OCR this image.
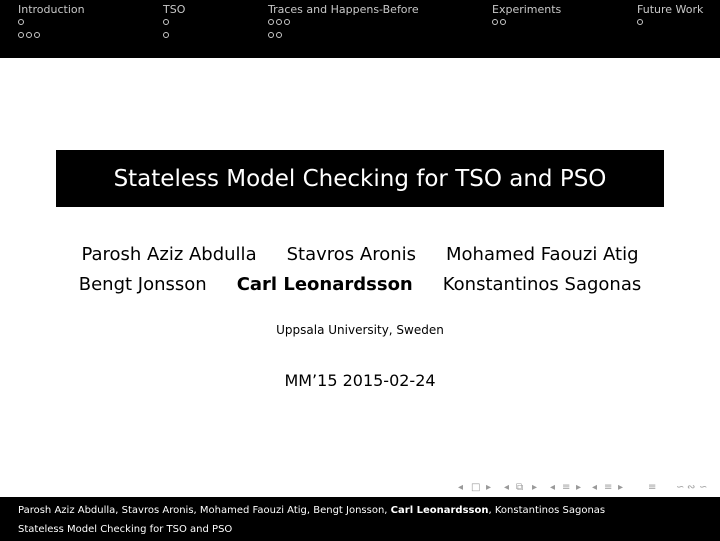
Introduction	TSO	Traces and Happens-Before	Experiments	Future Work
Stateless Model Checking for TSO and PSO
Parosh Aziz Abdulla Stavros Aronis Mohamed Faouzi Atig
Bengt Jonsson Carl Leonardsson Konstantinos Sagonas
Uppsala University, Sweden
MM’15 2015-02-24
◂ □ ▸ ◂ ⧉ ▸ ◂ ≡ ▸ ◂ ≡ ▸ ≡ ∽ ∾ ∽
Parosh Aziz Abdulla, Stavros Aronis, Mohamed Faouzi Atig, Bengt Jonsson, Carl Leonardsson, Konstantinos Sagonas
Stateless Model Checking for TSO and PSO
